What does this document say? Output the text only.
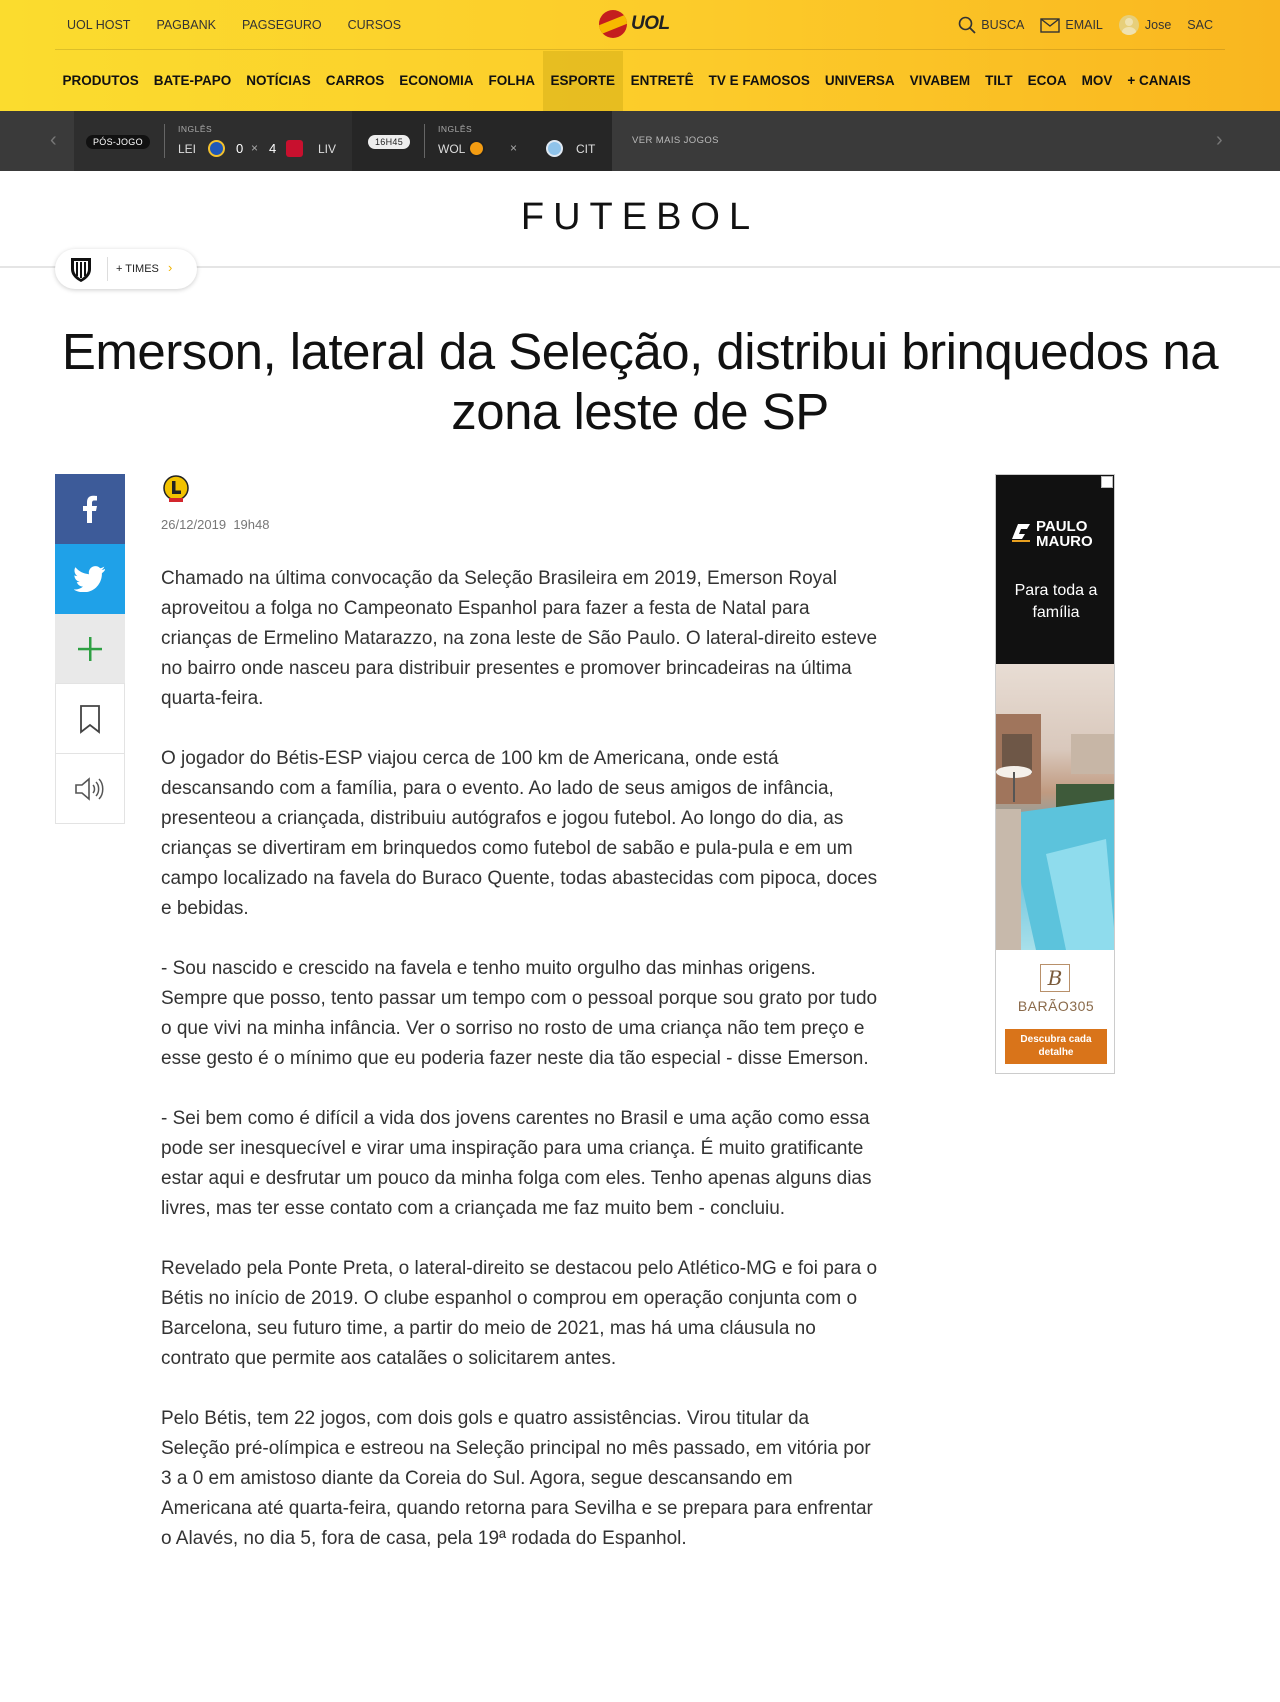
UOL HOST	PAGBANK	PAGSEGURO	CURSOS	UOL	BUSCA	EMAIL	Jose SAC
PRODUTOS	BATE-PAPO	NOTÍCIAS	CARROS	ECONOMIA	FOLHA	ESPORTE	ENTRETÊ	TV E FAMOSOS	UNIVERSA	VIVABEM	TILT	ECOA	MOV	+ CANAIS
‹	PÓS-JOGO
INGLÊS
LEI	0 × 4	LIV	16H45
INGLÊS
WOL	×	CIT
VER MAIS JOGOS	›
FUTEBOL
+ TIMES ›
Emerson, lateral da Seleção, distribui brinquedos na zona leste de SP
26/12/2019 19h48

Chamado na última convocação da Seleção Brasileira em 2019, Emerson Royal aproveitou a folga no Campeonato Espanhol para fazer a festa de Natal para crianças de Ermelino Matarazzo, na zona leste de São Paulo. O lateral-direito esteve no bairro onde nasceu para distribuir presentes e promover brincadeiras na última quarta-feira.

O jogador do Bétis-ESP viajou cerca de 100 km de Americana, onde está descansando com a família, para o evento. Ao lado de seus amigos de infância, presenteou a criançada, distribuiu autógrafos e jogou futebol. Ao longo do dia, as crianças se divertiram em brinquedos como futebol de sabão e pula-pula e em um campo localizado na favela do Buraco Quente, todas abastecidas com pipoca, doces e bebidas.

- Sou nascido e crescido na favela e tenho muito orgulho das minhas origens. Sempre que posso, tento passar um tempo com o pessoal porque sou grato por tudo o que vivi na minha infância. Ver o sorriso no rosto de uma criança não tem preço e esse gesto é o mínimo que eu poderia fazer neste dia tão especial - disse Emerson.

- Sei bem como é difícil a vida dos jovens carentes no Brasil e uma ação como essa pode ser inesquecível e virar uma inspiração para uma criança. É muito gratificante estar aqui e desfrutar um pouco da minha folga com eles. Tenho apenas alguns dias livres, mas ter esse contato com a criançada me faz muito bem - concluiu.

Revelado pela Ponte Preta, o lateral-direito se destacou pelo Atlético-MG e foi para o Bétis no início de 2019. O clube espanhol o comprou em operação conjunta com o Barcelona, seu futuro time, a partir do meio de 2021, mas há uma cláusula no contrato que permite aos catalães o solicitarem antes.

Pelo Bétis, tem 22 jogos, com dois gols e quatro assistências. Virou titular da Seleção pré-olímpica e estreou na Seleção principal no mês passado, em vitória por 3 a 0 em amistoso diante da Coreia do Sul. Agora, segue descansando em Americana até quarta-feira, quando retorna para Sevilha e se prepara para enfrentar o Alavés, no dia 5, fora de casa, pela 19ª rodada do Espanhol.

PAULO
MAURO
Para toda a família
B
BARÃO305
Descubra cada detalhe
